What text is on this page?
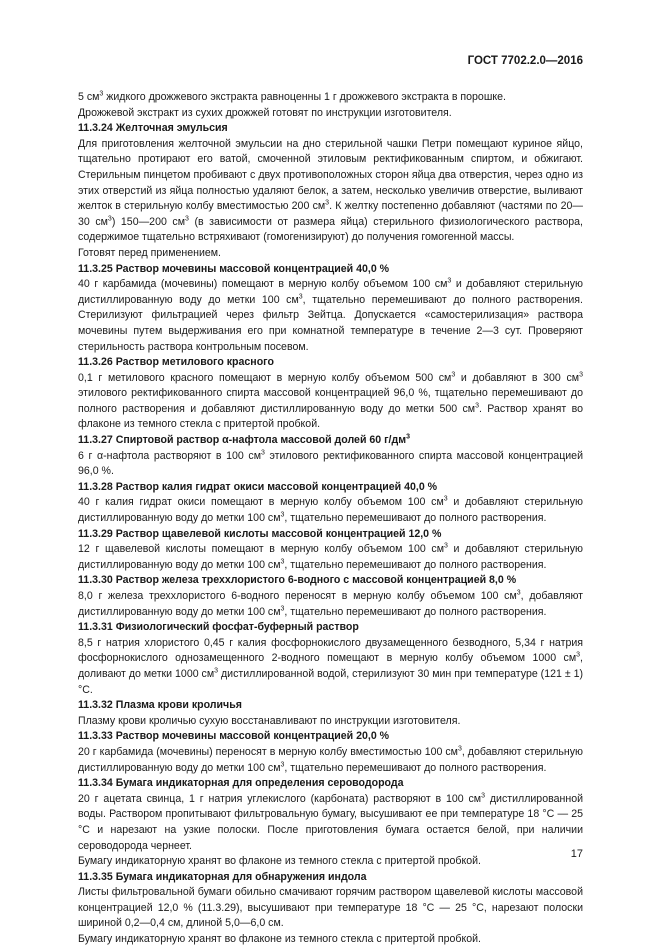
ГОСТ 7702.2.0—2016
5 $см^3$ жидкого дрожжевого экстракта равноценны 1 г дрожжевого экстракта в порошке.
Дрожжевой экстракт из сухих дрожжей готовят по инструкции изготовителя.
11.3.24 Желточная эмульсия
Для приготовления желточной эмульсии на дно стерильной чашки Петри помещают куриное яйцо, тщательно протирают его ватой, смоченной этиловым ректификованным спиртом, и обжигают. Стерильным пинцетом пробивают с двух противоположных сторон яйца два отверстия, через одно из этих отверстий из яйца полностью удаляют белок, а затем, несколько увеличив отверстие, выливают желток в стерильную колбу вместимостью 200 $см^3$. К желтку постепенно добавляют (частями по 20—30 $см^3$) 150—200 $см^3$ (в зависимости от размера яйца) стерильного физиологического раствора, содержимое тщательно встряхивают (гомогенизируют) до получения гомогенной массы.
Готовят перед применением.
11.3.25 Раствор мочевины массовой концентрацией 40,0 %
40 г карбамида (мочевины) помещают в мерную колбу объемом 100 $см^3$ и добавляют стерильную дистиллированную воду до метки 100 $см^3$, тщательно перемешивают до полного растворения. Стерилизуют фильтрацией через фильтр Зейтца. Допускается «самостерилизация» раствора мочевины путем выдерживания его при комнатной температуре в течение 2—3 сут. Проверяют стерильность раствора контрольным посевом.
11.3.26 Раствор метилового красного
0,1 г метилового красного помещают в мерную колбу объемом 500 $см^3$ и добавляют в 300 $см^3$ этилового ректификованного спирта массовой концентрацией 96,0 %, тщательно перемешивают до полного растворения и добавляют дистиллированную воду до метки 500 $см^3$. Раствор хранят во флаконе из темного стекла с притертой пробкой.
11.3.27 Спиртовой раствор α-нафтола массовой долей 60 $г/дм^3$
6 г α-нафтола растворяют в 100 $см^3$ этилового ректификованного спирта массовой концентрацией 96,0 %.
11.3.28 Раствор калия гидрат окиси массовой концентрацией 40,0 %
40 г калия гидрат окиси помещают в мерную колбу объемом 100 $см^3$ и добавляют стерильную дистиллированную воду до метки 100 $см^3$, тщательно перемешивают до полного растворения.
11.3.29 Раствор щавелевой кислоты массовой концентрацией 12,0 %
12 г щавелевой кислоты помещают в мерную колбу объемом 100 $см^3$ и добавляют стерильную дистиллированную воду до метки 100 $см^3$, тщательно перемешивают до полного растворения.
11.3.30 Раствор железа треххлористого 6-водного с массовой концентрацией 8,0 %
8,0 г железа треххлористого 6-водного переносят в мерную колбу объемом 100 $см^3$, добавляют дистиллированную воду до метки 100 $см^3$, тщательно перемешивают до полного растворения.
11.3.31 Физиологический фосфат-буферный раствор
8,5 г натрия хлористого 0,45 г калия фосфорнокислого двузамещенного безводного, 5,34 г натрия фосфорнокислого однозамещенного 2-водного помещают в мерную колбу объемом 1000 $см^3$, доливают до метки 1000 $см^3$ дистиллированной водой, стерилизуют 30 мин при температуре (121 ± 1) °С.
11.3.32 Плазма крови кроличья
Плазму крови кроличью сухую восстанавливают по инструкции изготовителя.
11.3.33 Раствор мочевины массовой концентрацией 20,0 %
20 г карбамида (мочевины) переносят в мерную колбу вместимостью 100 $см^3$, добавляют стерильную дистиллированную воду до метки 100 $см^3$, тщательно перемешивают до полного растворения.
11.3.34 Бумага индикаторная для определения сероводорода
20 г ацетата свинца, 1 г натрия углекислого (карбоната) растворяют в 100 $см^3$ дистиллированной воды. Раствором пропитывают фильтровальную бумагу, высушивают ее при температуре 18 °С — 25 °С и нарезают на узкие полоски. После приготовления бумага остается белой, при наличии сероводорода чернеет.
Бумагу индикаторную хранят во флаконе из темного стекла с притертой пробкой.
11.3.35 Бумага индикаторная для обнаружения индола
Листы фильтровальной бумаги обильно смачивают горячим раствором щавелевой кислоты массовой концентрацией 12,0 % (11.3.29), высушивают при температуре 18 °С — 25 °С, нарезают полоски шириной 0,2—0,4 см, длиной 5,0—6,0 см.
Бумагу индикаторную хранят во флаконе из темного стекла с притертой пробкой.
17
